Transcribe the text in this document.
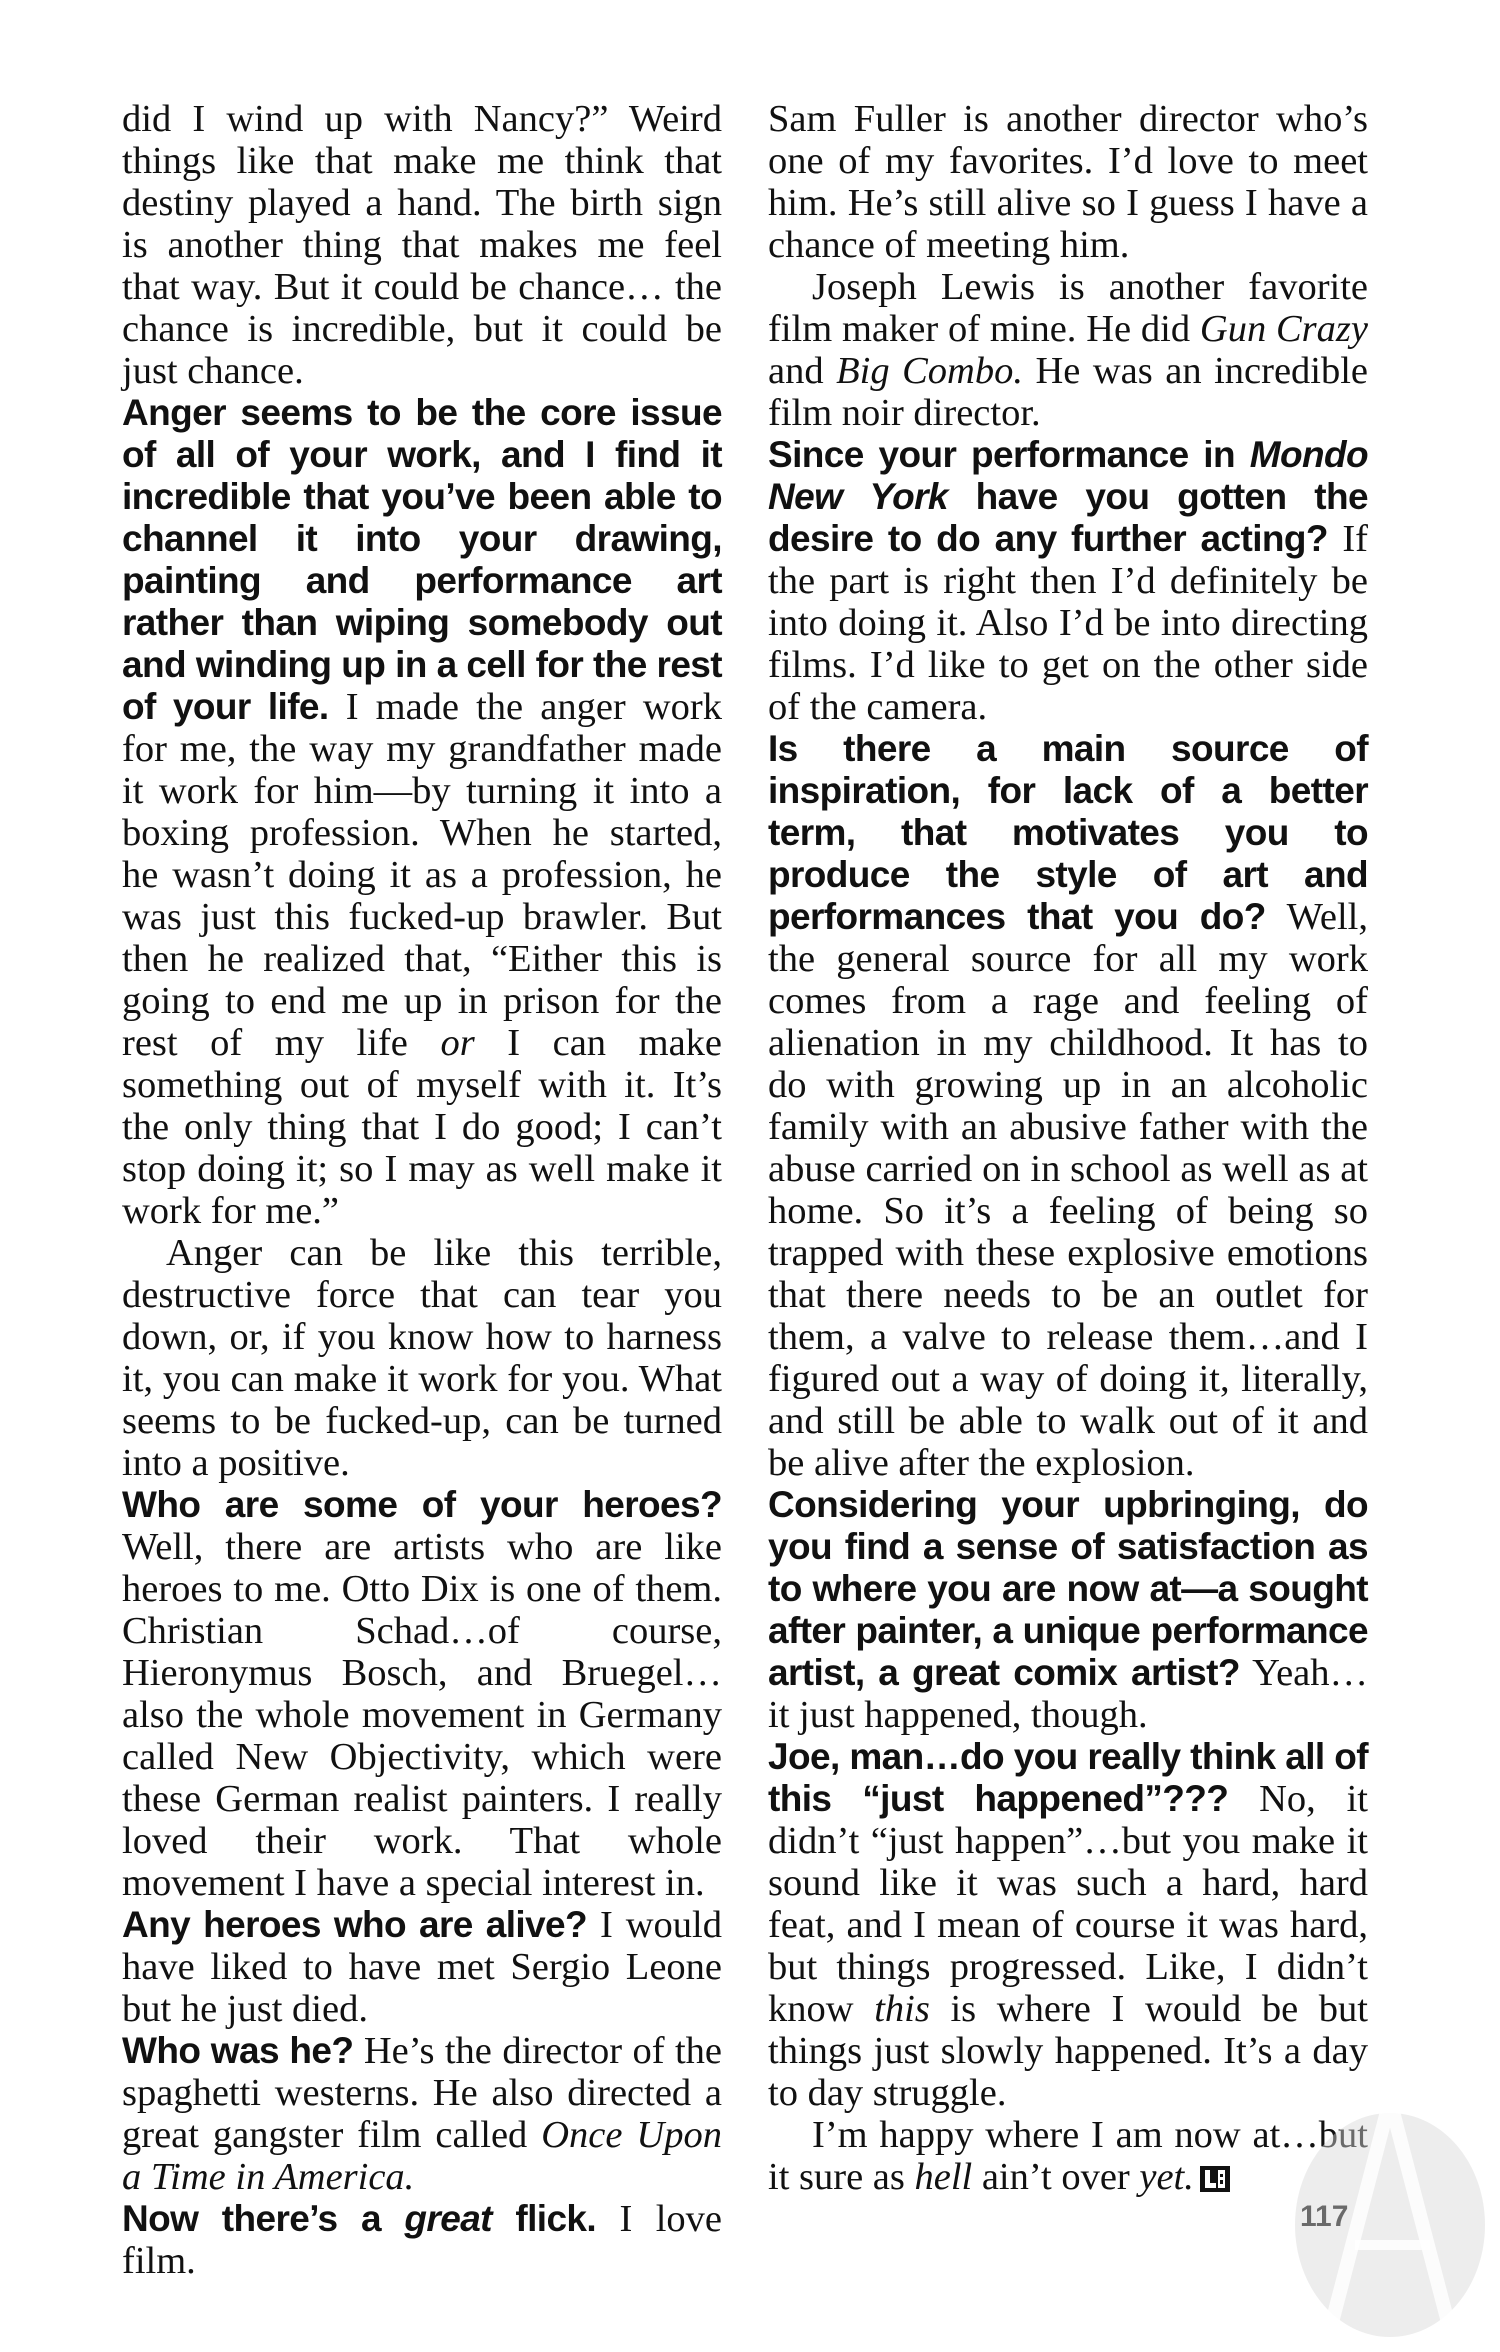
did I wind up with Nancy?” Weird things like that make me think that destiny played a hand. The birth sign is another thing that makes me feel that way. But it could be chance… the chance is incredible, but it could be just chance.

Anger seems to be the core issue of all of your work, and I find it incredible that you’ve been able to channel it into your drawing, painting and performance art rather than wiping somebody out and winding up in a cell for the rest of your life. I made the anger work for me, the way my grandfather made it work for him—by turning it into a boxing profession. When he started, he wasn’t doing it as a profession, he was just this fucked-up brawler. But then he realized that, “Either this is going to end me up in prison for the rest of my life or I can make something out of myself with it. It’s the only thing that I do good; I can’t stop doing it; so I may as well make it work for me.”

Anger can be like this terrible, destructive force that can tear you down, or, if you know how to harness it, you can make it work for you. What seems to be fucked-up, can be turned into a positive.

Who are some of your heroes? Well, there are artists who are like heroes to me. Otto Dix is one of them. Christian Schad…of course, Hieronymus Bosch, and Bruegel… also the whole movement in Germany called New Objectivity, which were these German realist painters. I really loved their work. That whole movement I have a special interest in.

Any heroes who are alive? I would have liked to have met Sergio Leone but he just died.

Who was he? He’s the director of the spaghetti westerns. He also directed a great gangster film called Once Upon a Time in America.

Now there’s a great flick. I love film.

Sam Fuller is another director who’s one of my favorites. I’d love to meet him. He’s still alive so I guess I have a chance of meeting him.

Joseph Lewis is another favorite film maker of mine. He did Gun Crazy and Big Combo. He was an incredible film noir director.

Since your performance in Mondo New York have you gotten the desire to do any further acting? If the part is right then I’d definitely be into doing it. Also I’d be into directing films. I’d like to get on the other side of the camera.

Is there a main source of inspiration, for lack of a better term, that motivates you to produce the style of art and performances that you do? Well, the general source for all my work comes from a rage and feeling of alienation in my childhood. It has to do with growing up in an alcoholic family with an abusive father with the abuse carried on in school as well as at home. So it’s a feeling of being so trapped with these explosive emotions that there needs to be an outlet for them, a valve to release them…and I figured out a way of doing it, literally, and still be able to walk out of it and be alive after the explosion.

Considering your upbringing, do you find a sense of satisfaction as to where you are now at—a sought after painter, a unique performance artist, a great comix artist? Yeah… it just happened, though.

Joe, man…do you really think all of this “just happened”??? No, it didn’t “just happen”…but you make it sound like it was such a hard, hard feat, and I mean of course it was hard, but things progressed. Like, I didn’t know this is where I would be but things just slowly happened. It’s a day to day struggle.

I’m happy where I am now at…but it sure as hell ain’t over yet.

117
